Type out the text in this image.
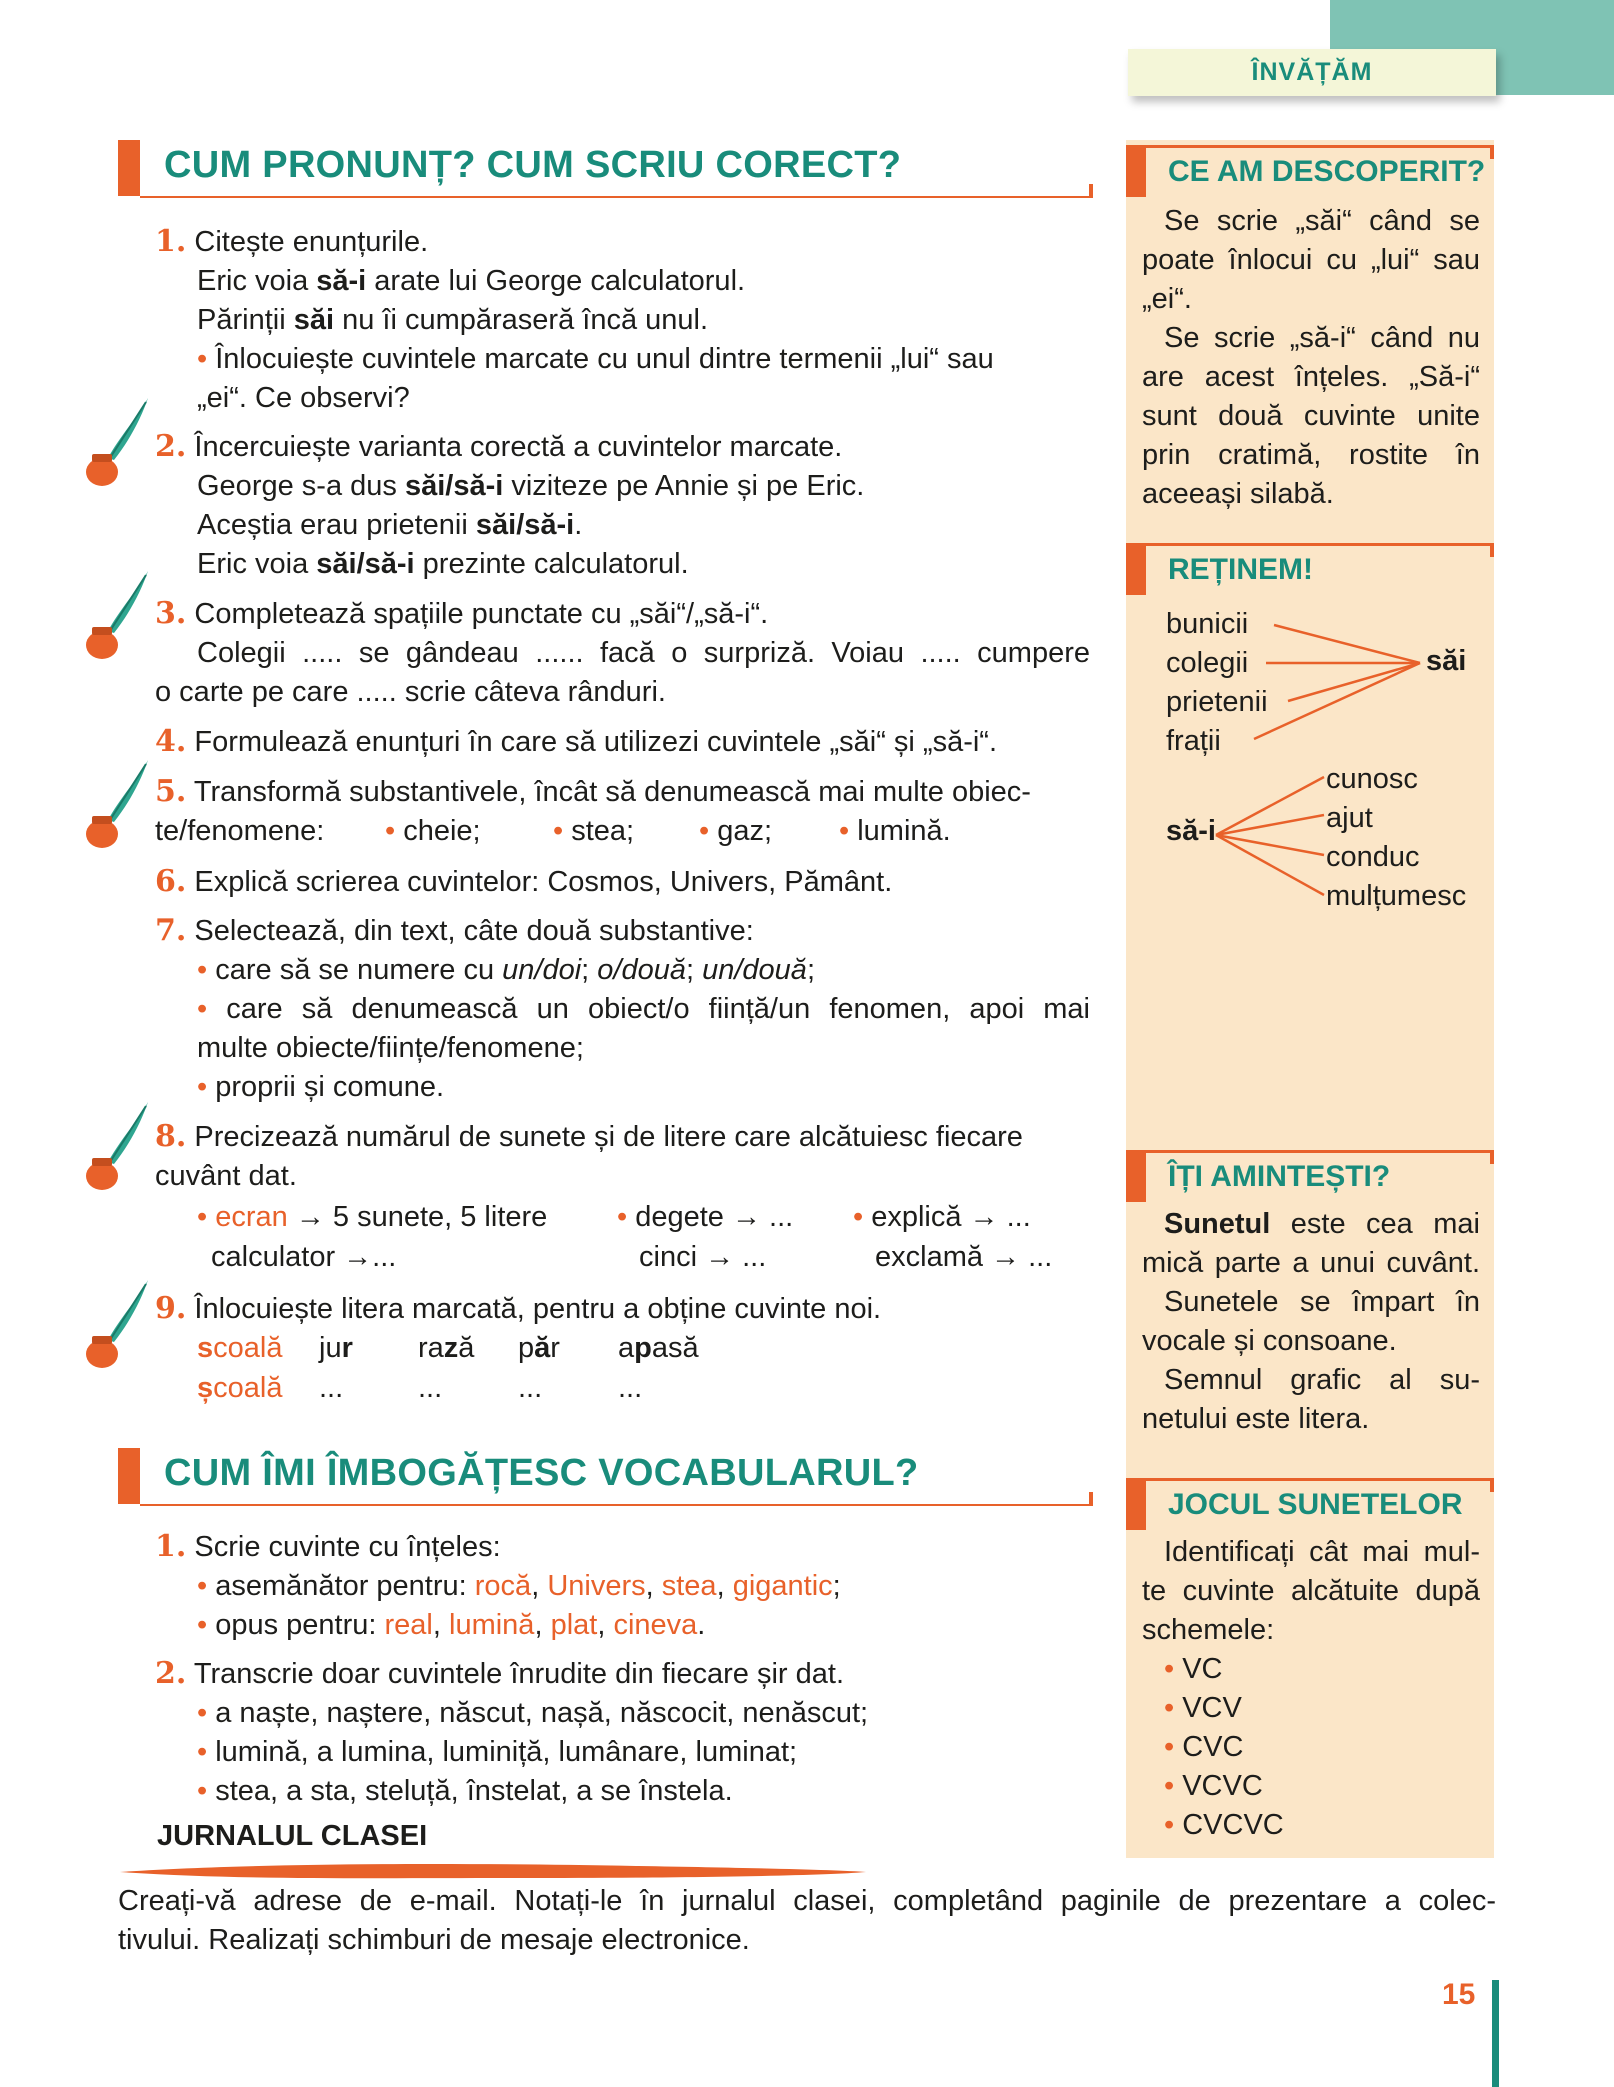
ÎNVĂȚĂM
CUM PRONUNȚ? CUM SCRIU CORECT?
1. Citește enunțurile.
Eric voia să-i arate lui George calculatorul.
Părinții săi nu îi cumpăraseră încă unul.
• Înlocuiește cuvintele marcate cu unul dintre termenii „lui“ sau
„ei“. Ce observi?
2. Încercuiește varianta corectă a cuvintelor marcate.
George s-a dus săi/să-i viziteze pe Annie și pe Eric.
Aceștia erau prietenii săi/să-i.
Eric voia săi/să-i prezinte calculatorul.
3. Completează spațiile punctate cu „săi“/„să-i“.
Colegii ..... se gândeau ...... facă o surpriză. Voiau ..... cumpere
o carte pe care ..... scrie câteva rânduri.
4. Formulează enunțuri în care să utilizezi cuvintele „săi“ și „să-i“.
5. Transformă substantivele, încât să denumească mai multe obiec-
te/fenomene: • cheie; • stea; • gaz; • lumină.
6. Explică scrierea cuvintelor: Cosmos, Univers, Pământ.
7. Selectează, din text, câte două substantive:
• care să se numere cu un/doi; o/două; un/două;
• care să denumească un obiect/o ființă/un fenomen, apoi mai
multe obiecte/ființe/fenomene;
• proprii și comune.
8. Precizează numărul de sunete și de litere care alcătuiesc fiecare
cuvânt dat.
• ecran → 5 sunete, 5 litere
calculator →...
• degete → ...
cinci → ...
• explică → ...
exclamă → ...
9. Înlocuiește litera marcată, pentru a obține cuvinte noi.
scoală
școală
jur
...
rază
...
păr
...
apasă
...
CUM ÎMI ÎMBOGĂȚESC VOCABULARUL?
1. Scrie cuvinte cu înțeles:
• asemănător pentru: rocă, Univers, stea, gigantic;
• opus pentru: real, lumină, plat, cineva.
2. Transcrie doar cuvintele înrudite din fiecare șir dat.
• a naște, naștere, născut, nașă, născocit, nenăscut;
• lumină, a lumina, luminiță, lumânare, luminat;
• stea, a sta, steluță, înstelat, a se înstela.
JURNALUL CLASEI
Creați-vă adrese de e-mail. Notați-le în jurnalul clasei, completând paginile de prezentare a colec-
tivului. Realizați schimburi de mesaje electronice.
CE AM DESCOPERIT?
Se scrie „săi“ când se
poate înlocui cu „lui“ sau
„ei“.
Se scrie „să-i“ când nu
are acest înțeles. „Să-i“
sunt două cuvinte unite
prin cratimă, rostite în
aceeași silabă.
REȚINEM!
bunicii
colegii
prietenii
frații
săi
să-i
cunosc
ajut
conduc
mulțumesc
ÎȚI AMINTEȘTI?
Sunetul este cea mai
mică parte a unui cuvânt.
Sunetele se împart în
vocale și consoane.
Semnul grafic al su-
netului este litera.
JOCUL SUNETELOR
Identificați cât mai mul-
te cuvinte alcătuite după
schemele:
• VC
• VCV
• CVC
• VCVC
• CVCVC
15
